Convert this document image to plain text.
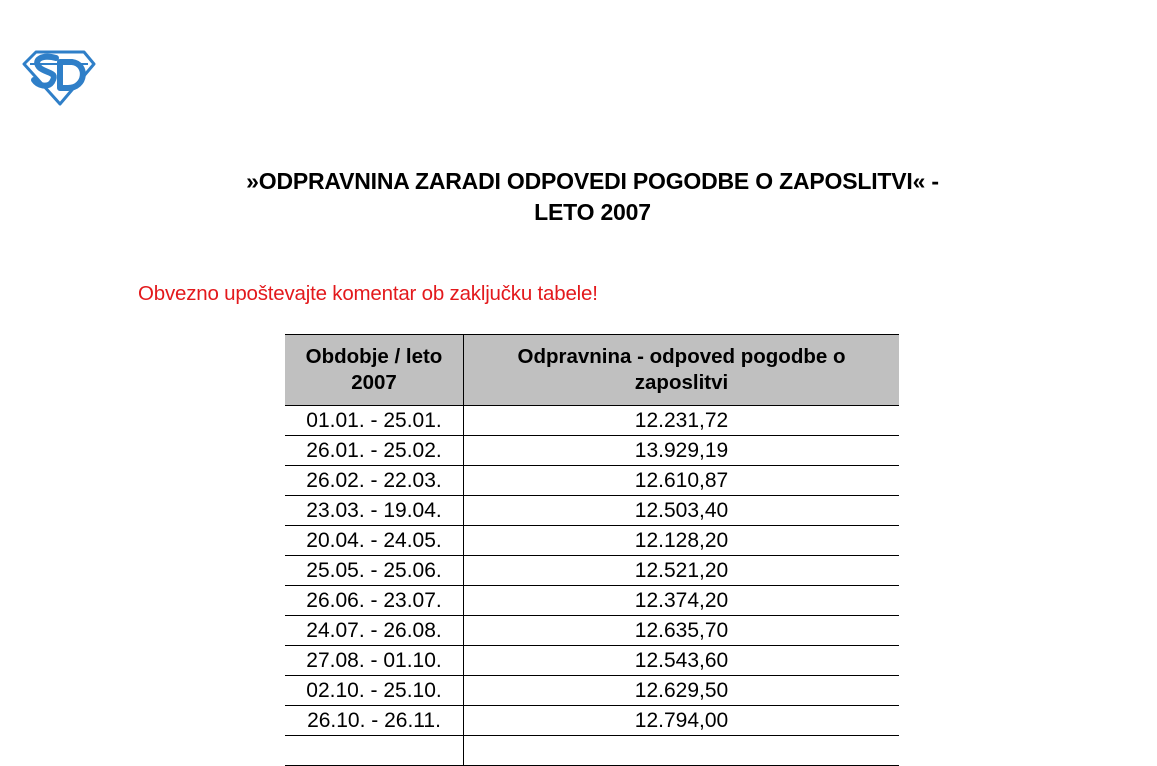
»ODPRAVNINA ZARADI ODPOVEDI POGODBE O ZAPOSLITVI« -
LETO 2007
Obvezno upoštevajte komentar ob zaključku tabele!
Obdobje / leto 2007	Odpravnina - odpoved pogodbe o zaposlitvi
01.01. - 25.01.	12.231,72
26.01. - 25.02.	13.929,19
26.02. - 22.03.	12.610,87
23.03. - 19.04.	12.503,40
20.04. - 24.05.	12.128,20
25.05. - 25.06.	12.521,20
26.06. - 23.07.	12.374,20
24.07. - 26.08.	12.635,70
27.08. - 01.10.	12.543,60
02.10. - 25.10.	12.629,50
26.10. - 26.11.	12.794,00
